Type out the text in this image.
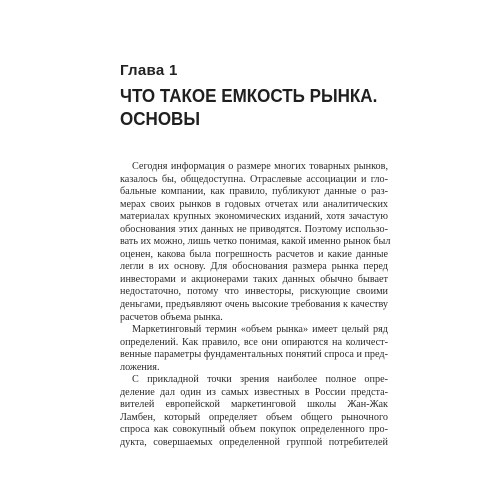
Глава 1
ЧТО ТАКОЕ ЕМКОСТЬ РЫНКА.
ОСНОВЫ

Сегодня информация о размере многих товарных рынков,
казалось бы, общедоступна. Отраслевые ассоциации и гло-
бальные компании, как правило, публикуют данные о раз-
мерах своих рынков в годовых отчетах или аналитических
материалах крупных экономических изданий, хотя зачастую
обоснования этих данных не приводятся. Поэтому использо-
вать их можно, лишь четко понимая, какой именно рынок был
оценен, какова была погрешность расчетов и какие данные
легли в их основу. Для обоснования размера рынка перед
инвесторами и акционерами таких данных обычно бывает
недостаточно, потому что инвесторы, рискующие своими
деньгами, предъявляют очень высокие требования к качеству
расчетов объема рынка.

Маркетинговый термин «объем рынка» имеет целый ряд
определений. Как правило, все они опираются на количест-
венные параметры фундаментальных понятий спроса и пред-
ложения.

С прикладной точки зрения наиболее полное опре-
деление дал один из самых известных в России предста-
вителей европейской маркетинговой школы Жан-Жак
Ламбен, который определяет объем общего рыночного
спроса как совокупный объем покупок определенного про-
дукта, совершаемых определенной группой потребителей
